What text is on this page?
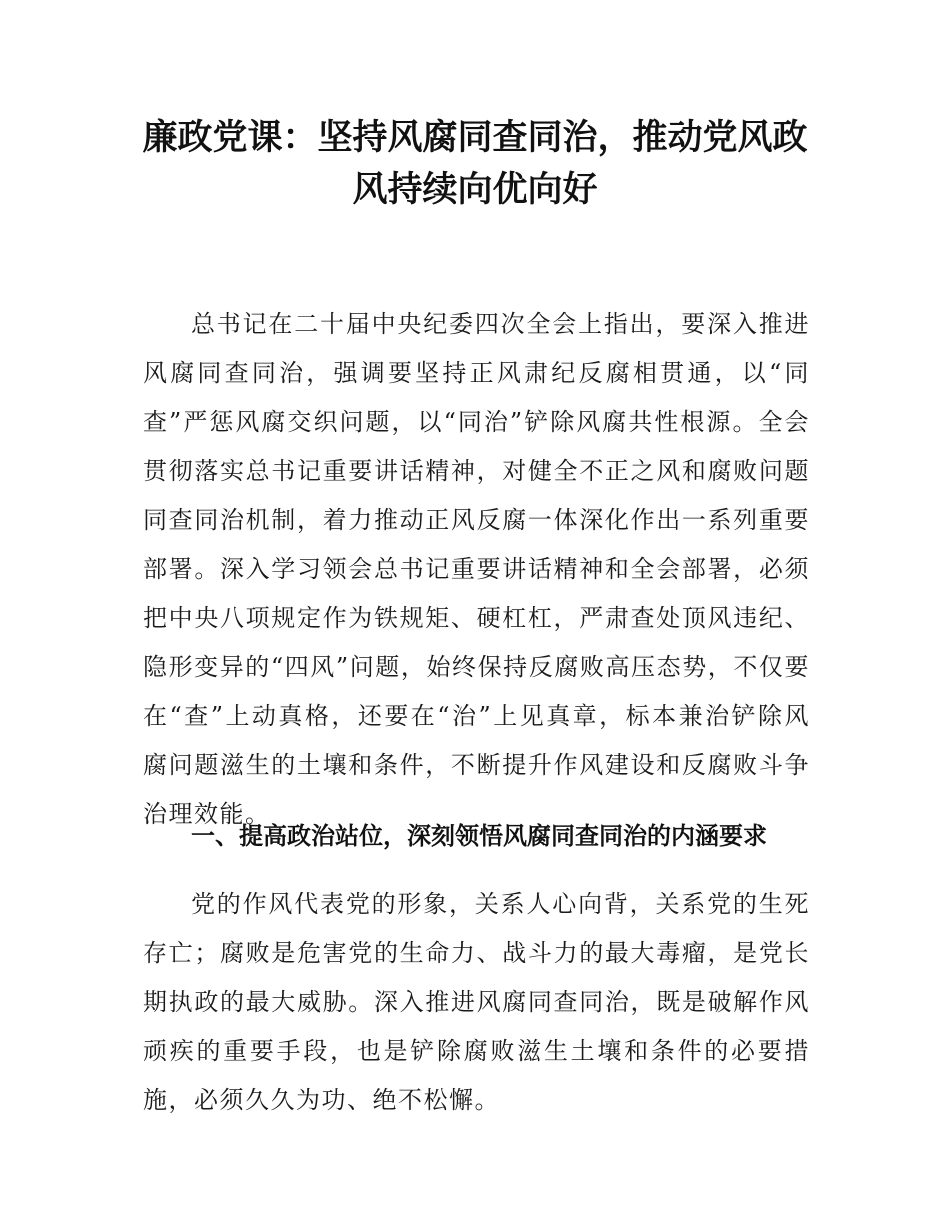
廉政党课：坚持风腐同查同治，推动党风政
风持续向优向好

总书记在二十届中央纪委四次全会上指出，要深入推进风腐同查同治，强调要坚持正风肃纪反腐相贯通，以“同查”严惩风腐交织问题，以“同治”铲除风腐共性根源。全会贯彻落实总书记重要讲话精神，对健全不正之风和腐败问题同查同治机制，着力推动正风反腐一体深化作出一系列重要部署。深入学习领会总书记重要讲话精神和全会部署，必须把中央八项规定作为铁规矩、硬杠杠，严肃查处顶风违纪、隐形变异的“四风”问题，始终保持反腐败高压态势，不仅要在“查”上动真格，还要在“治”上见真章，标本兼治铲除风腐问题滋生的土壤和条件，不断提升作风建设和反腐败斗争治理效能。

一、提高政治站位，深刻领悟风腐同查同治的内涵要求

党的作风代表党的形象，关系人心向背，关系党的生死存亡；腐败是危害党的生命力、战斗力的最大毒瘤，是党长期执政的最大威胁。深入推进风腐同查同治，既是破解作风顽疾的重要手段，也是铲除腐败滋生土壤和条件的必要措施，必须久久为功、绝不松懈。
